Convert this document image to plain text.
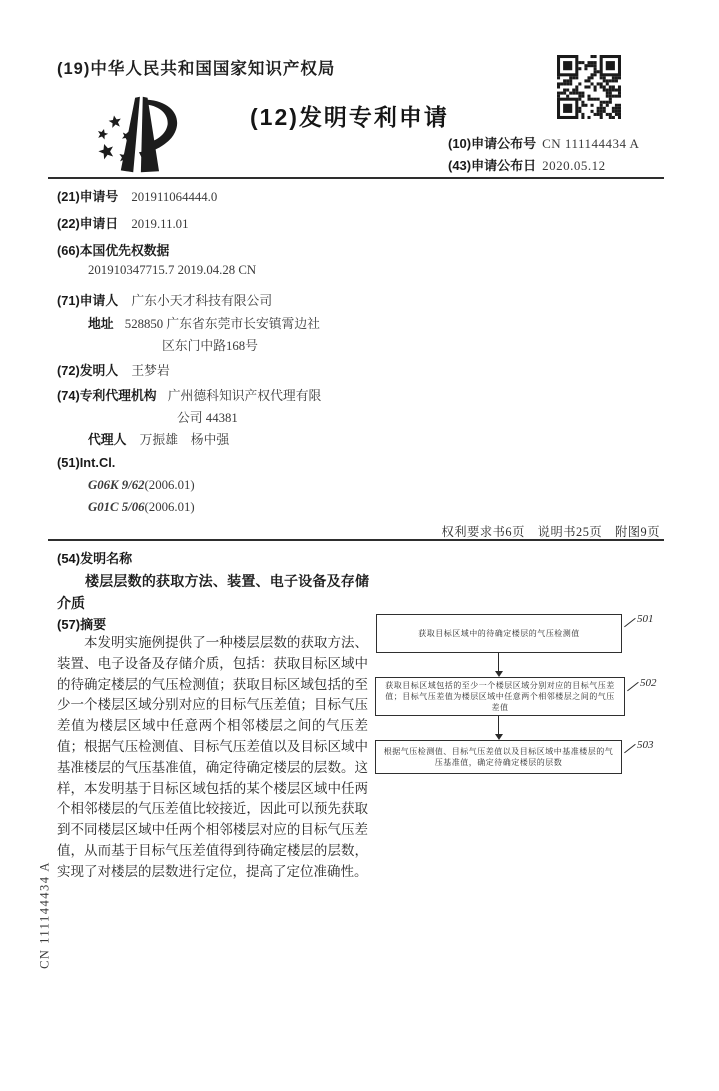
(19)中华人民共和国国家知识产权局
(12)发明专利申请
(10)申请公布号 CN 111144434 A
(43)申请公布日 2020.05.12
(21)申请号 201911064444.0
(22)申请日 2019.11.01
(66)本国优先权数据
201910347715.7 2019.04.28 CN
(71)申请人 广东小天才科技有限公司
地址 528850 广东省东莞市长安镇霄边社
区东门中路168号
(72)发明人 王梦岩
(74)专利代理机构 广州德科知识产权代理有限
公司 44381
代理人 万振雄　杨中强
(51)Int.Cl.
G06K 9/62(2006.01)
G01C 5/06(2006.01)
权利要求书6页　说明书25页　附图9页
(54)发明名称
楼层层数的获取方法、装置、电子设备及存储介质
(57)摘要
本发明实施例提供了一种楼层层数的获取方法、装置、电子设备及存储介质，包括：获取目标区域中的待确定楼层的气压检测值；获取目标区域包括的至少一个楼层区域分别对应的目标气压差值；目标气压差值为楼层区域中任意两个相邻楼层之间的气压差值；根据气压检测值、目标气压差值以及目标区域中基准楼层的气压基准值，确定待确定楼层的层数。这样，本发明基于目标区域包括的某个楼层区域中任两个相邻楼层的气压差值比较接近，因此可以预先获取到不同楼层区域中任两个相邻楼层对应的目标气压差值，从而基于目标气压差值得到待确定楼层的层数，实现了对楼层的层数进行定位，提高了定位准确性。
获取目标区域中的待确定楼层的气压检测值
501
获取目标区域包括的至少一个楼层区域分别对应的目标气压差值；目标气压差值为楼层区域中任意两个相邻楼层之间的气压差值
502
根据气压检测值、目标气压差值以及目标区域中基准楼层的气压基准值，确定待确定楼层的层数
503
CN 111144434 A
